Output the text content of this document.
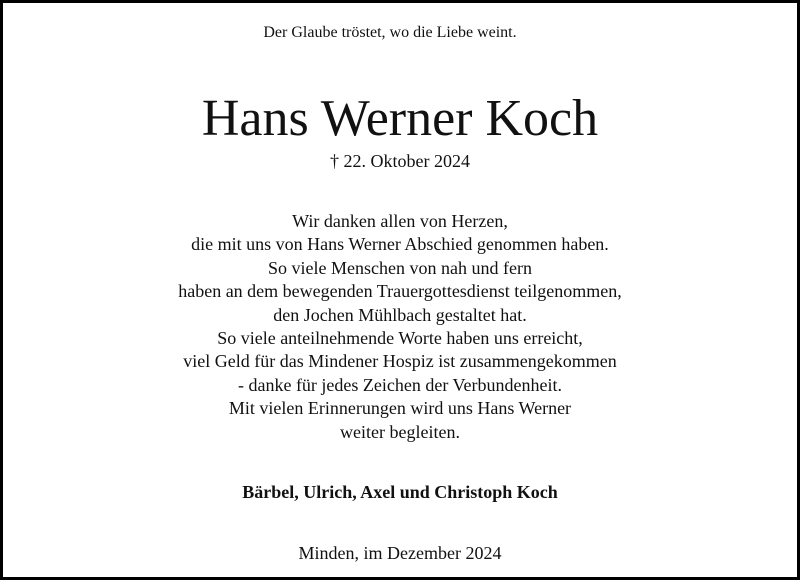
Der Glaube tröstet, wo die Liebe weint.
Hans Werner Koch
† 22. Oktober 2024
Wir danken allen von Herzen,
die mit uns von Hans Werner Abschied genommen haben.
So viele Menschen von nah und fern
haben an dem bewegenden Trauergottesdienst teilgenommen,
den Jochen Mühlbach gestaltet hat.
So viele anteilnehmende Worte haben uns erreicht,
viel Geld für das Mindener Hospiz ist zusammengekommen
- danke für jedes Zeichen der Verbundenheit.
Mit vielen Erinnerungen wird uns Hans Werner
weiter begleiten.
Bärbel, Ulrich, Axel und Christoph Koch
Minden, im Dezember 2024
